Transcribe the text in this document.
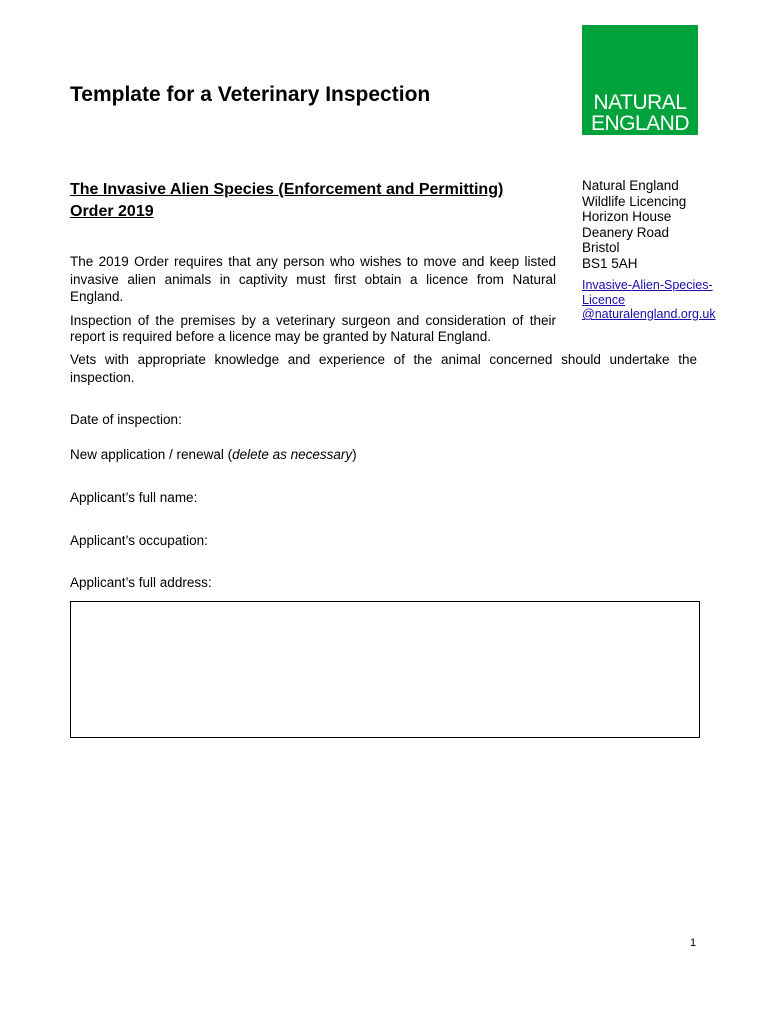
Template for a Veterinary Inspection	NATURAL
ENGLAND
The Invasive Alien Species (Enforcement and Permitting) Order 2019
Natural England
Wildlife Licencing
Horizon House
Deanery Road
Bristol
BS1 5AH
Invasive-Alien-Species-
Licence
@naturalengland.org.uk
The 2019 Order requires that any person who wishes to move and keep listed invasive alien animals in captivity must first obtain a licence from Natural England.
Inspection of the premises by a veterinary surgeon and consideration of their report is required before a licence may be granted by Natural England.
Vets with appropriate knowledge and experience of the animal concerned should undertake the inspection.
Date of inspection:
New application / renewal (delete as necessary)
Applicant’s full name:
Applicant’s occupation:
Applicant’s full address:
1
